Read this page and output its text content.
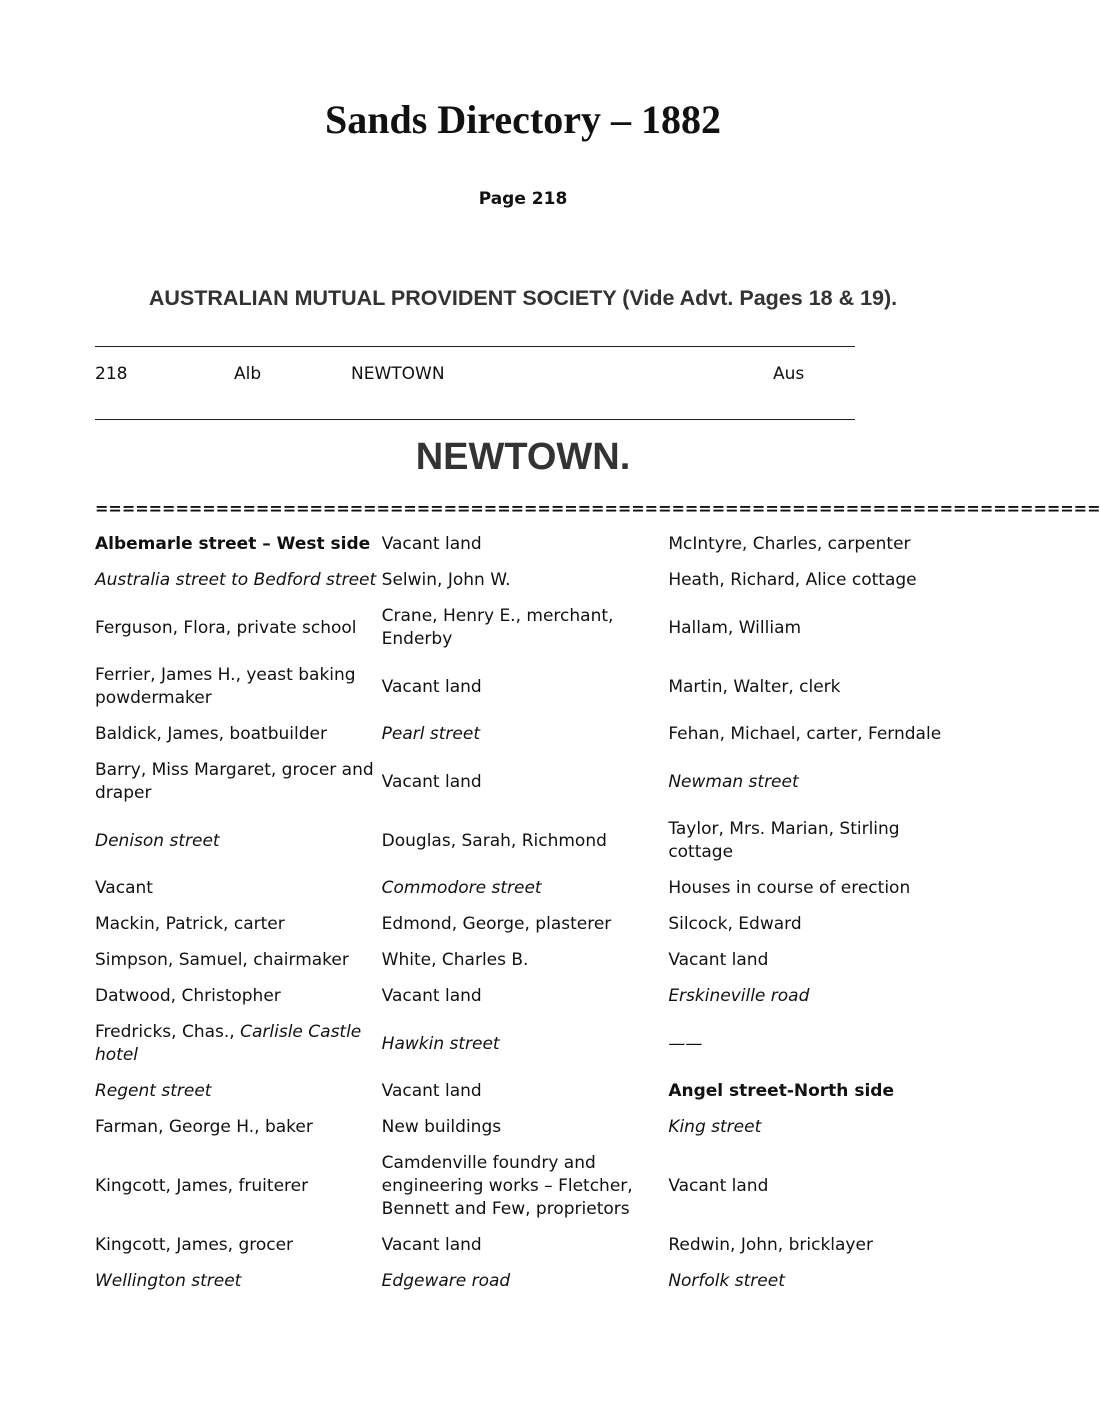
Sands Directory – 1882
Page 218
AUSTRALIAN MUTUAL PROVIDENT SOCIETY (Vide Advt. Pages 18 & 19).
218	Alb	NEWTOWN	Aus
NEWTOWN.
===========================================================================
Albemarle street – West side	Vacant land	McIntyre, Charles, carpenter
Australia street to Bedford street	Selwin, John W.	Heath, Richard, Alice cottage
Ferguson, Flora, private school	Crane, Henry E., merchant, Enderby	Hallam, William
Ferrier, James H., yeast baking powdermaker	Vacant land	Martin, Walter, clerk
Baldick, James, boatbuilder	Pearl street	Fehan, Michael, carter, Ferndale
Barry, Miss Margaret, grocer and draper	Vacant land	Newman street
Denison street	Douglas, Sarah, Richmond	Taylor, Mrs. Marian, Stirling cottage
Vacant	Commodore street	Houses in course of erection
Mackin, Patrick, carter	Edmond, George, plasterer	Silcock, Edward
Simpson, Samuel, chairmaker	White, Charles B.	Vacant land
Datwood, Christopher	Vacant land	Erskineville road
Fredricks, Chas., Carlisle Castle hotel	Hawkin street	——
Regent street	Vacant land	Angel street-North side
Farman, George H., baker	New buildings	King street
Kingcott, James, fruiterer	Camdenville foundry and engineering works – Fletcher, Bennett and Few, proprietors	Vacant land
Kingcott, James, grocer	Vacant land	Redwin, John, bricklayer
Wellington street	Edgeware road	Norfolk street
